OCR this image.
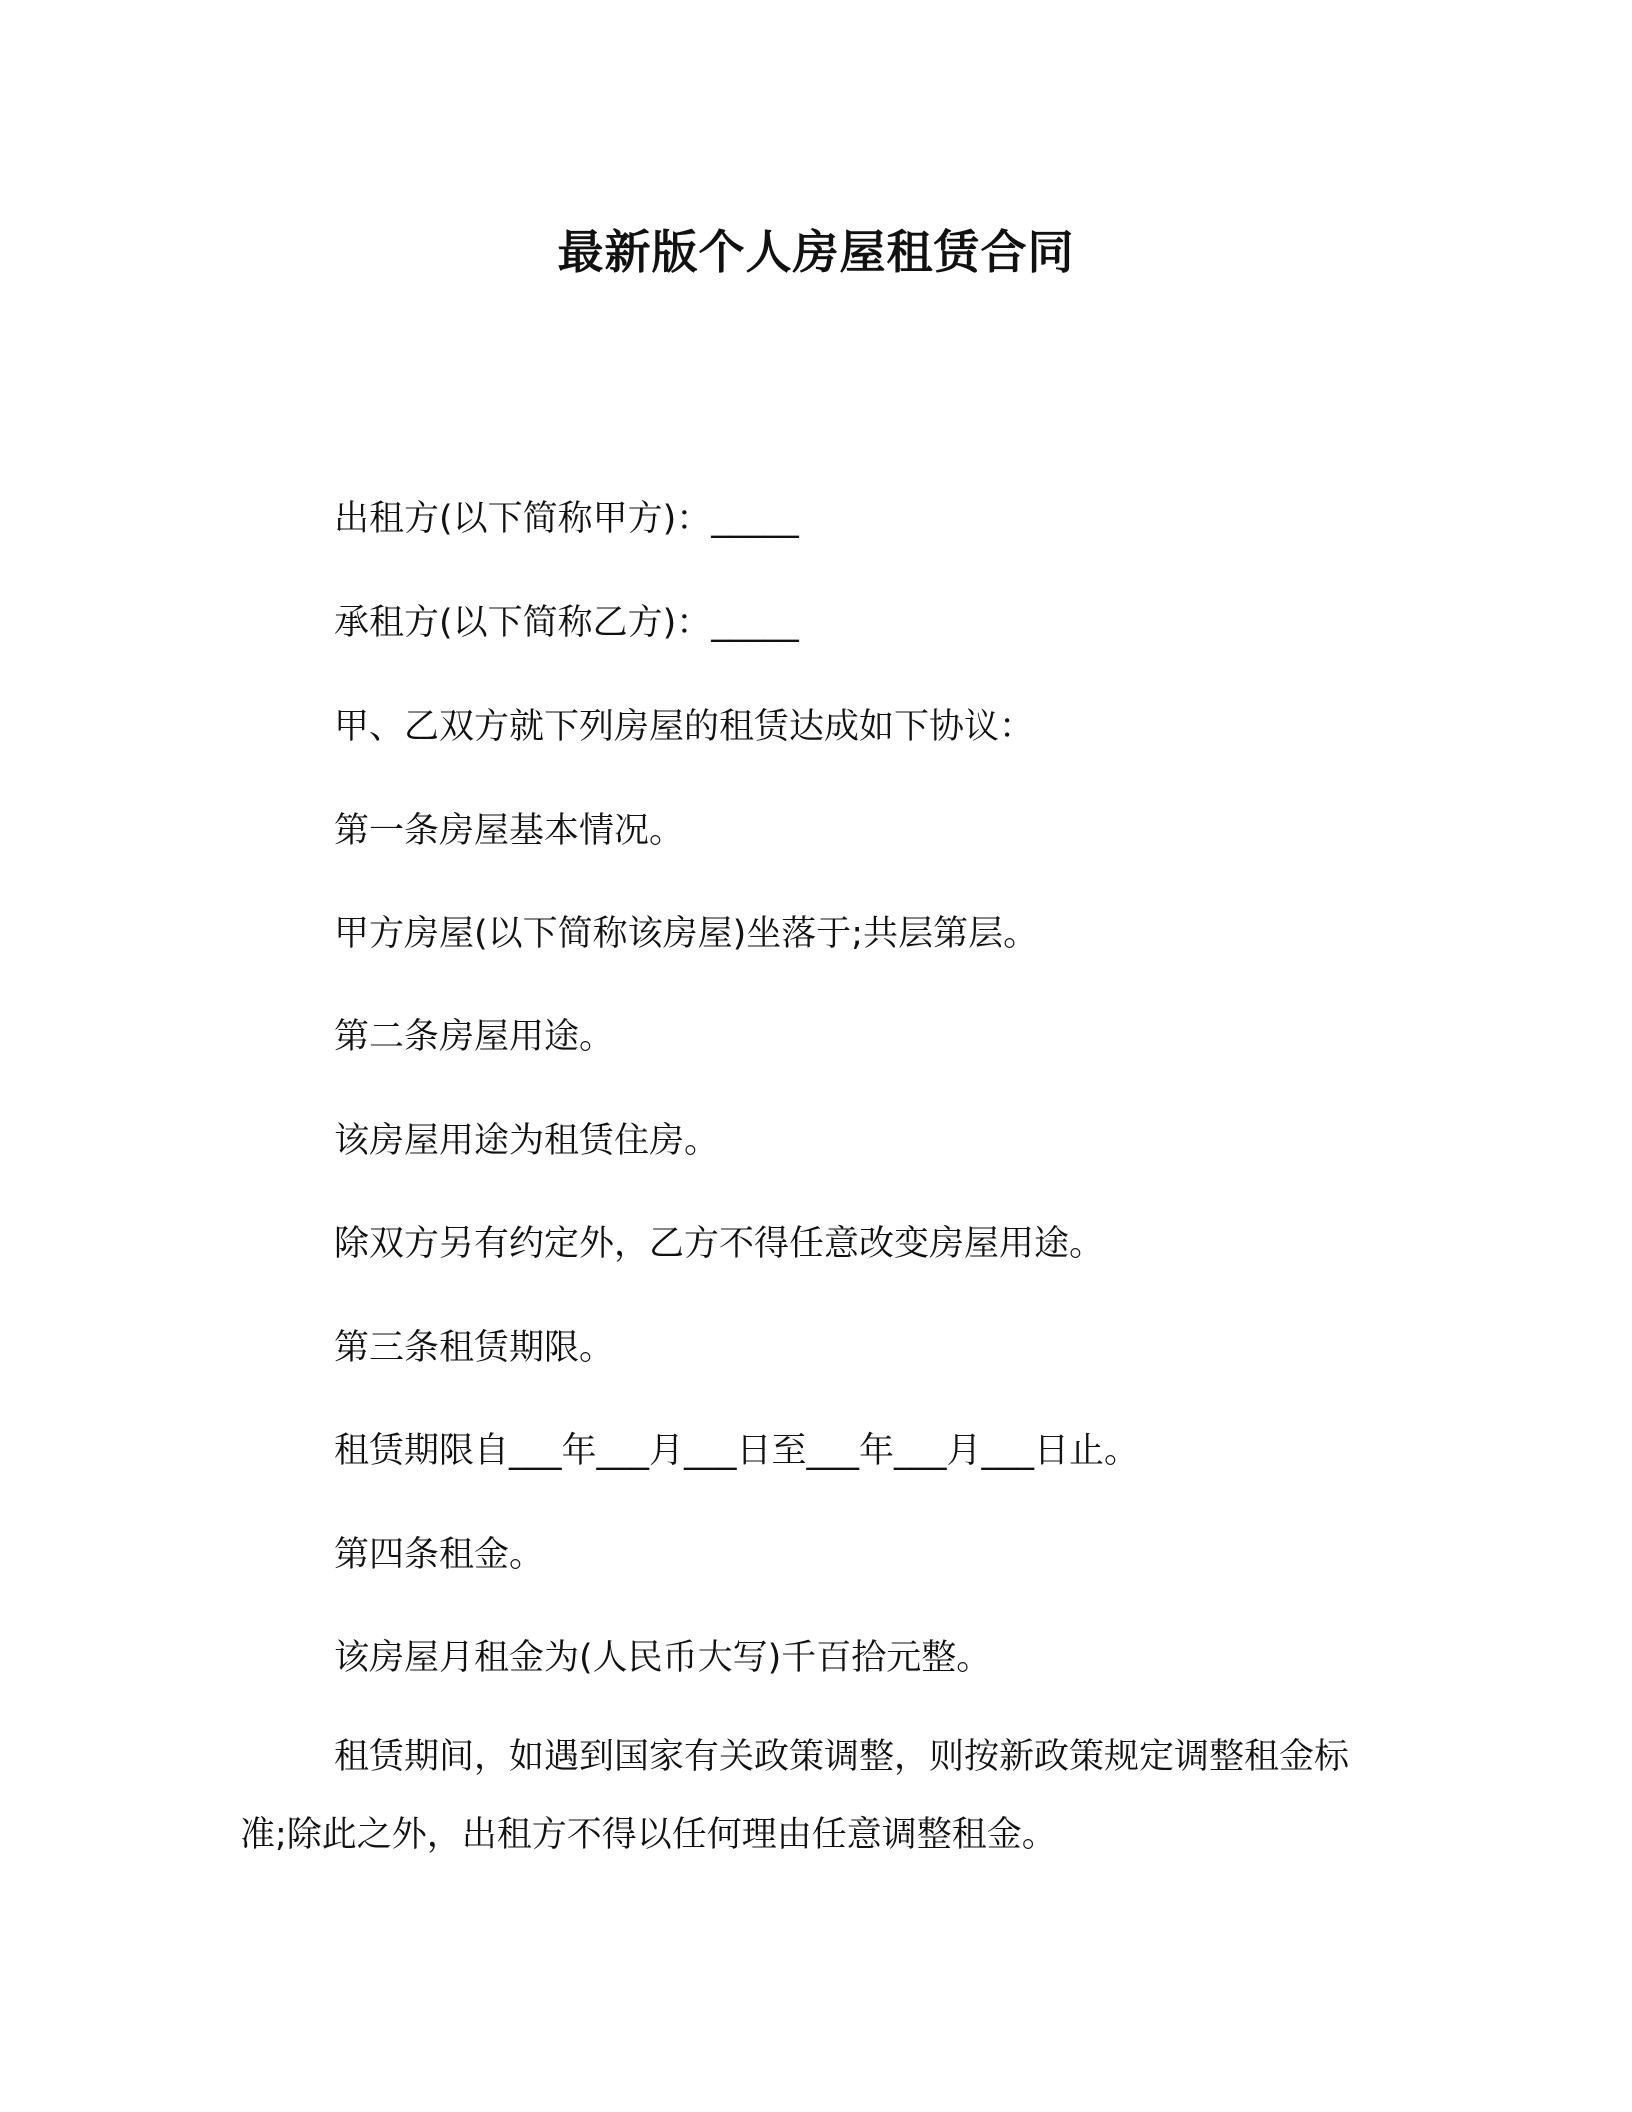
最新版个人房屋租赁合同
出租方(以下简称甲方)：_____
承租方(以下简称乙方)：_____
甲、乙双方就下列房屋的租赁达成如下协议：
第一条房屋基本情况。
甲方房屋(以下简称该房屋)坐落于;共层第层。
第二条房屋用途。
该房屋用途为租赁住房。
除双方另有约定外，乙方不得任意改变房屋用途。
第三条租赁期限。
租赁期限自___年___月___日至___年___月___日止。
第四条租金。
该房屋月租金为(人民币大写)千百拾元整。
租赁期间，如遇到国家有关政策调整，则按新政策规定调整租金标准;除此之外，出租方不得以任何理由任意调整租金。
